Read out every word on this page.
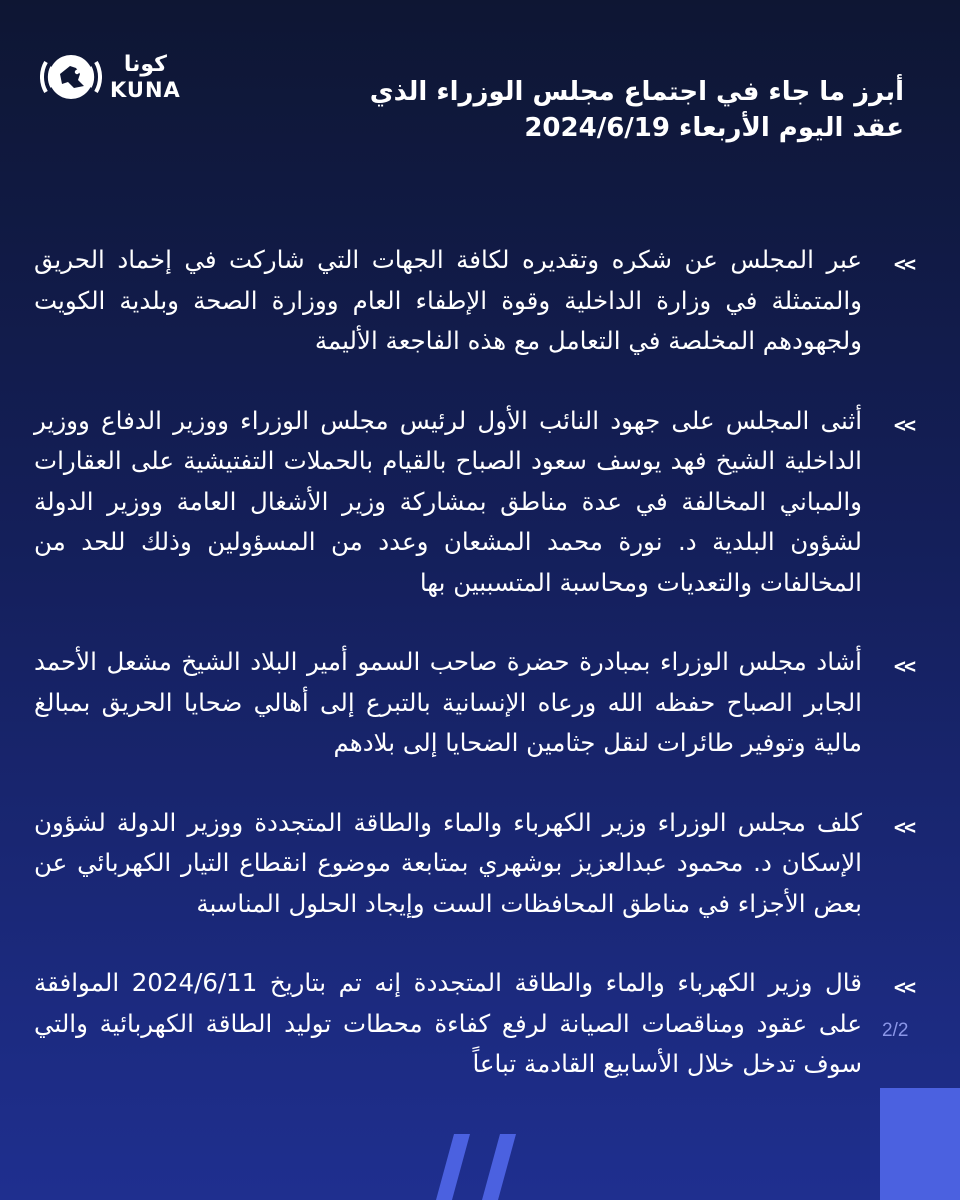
كونا
KUNA	أبرز ما جاء في اجتماع مجلس الوزراء الذي عقد اليوم الأربعاء 2024/6/19
>>
عبر المجلس عن شكره وتقديره لكافة الجهات التي شاركت في إخماد الحريق والمتمثلة في وزارة الداخلية وقوة الإطفاء العام ووزارة الصحة وبلدية الكويت ولجهودهم المخلصة في التعامل مع هذه الفاجعة الأليمة
>>
أثنى المجلس على جهود النائب الأول لرئيس مجلس الوزراء ووزير الدفاع ووزير الداخلية الشيخ فهد يوسف سعود الصباح بالقيام بالحملات التفتيشية على العقارات والمباني المخالفة في عدة مناطق بمشاركة وزير الأشغال العامة ووزير الدولة لشؤون البلدية د. نورة محمد المشعان وعدد من المسؤولين وذلك للحد من المخالفات والتعديات ومحاسبة المتسببين بها
>>
أشاد مجلس الوزراء بمبادرة حضرة صاحب السمو أمير البلاد الشيخ مشعل الأحمد الجابر الصباح حفظه الله ورعاه الإنسانية بالتبرع إلى أهالي ضحايا الحريق بمبالغ مالية وتوفير طائرات لنقل جثامين الضحايا إلى بلادهم
>>
كلف مجلس الوزراء وزير الكهرباء والماء والطاقة المتجددة ووزير الدولة لشؤون الإسكان د. محمود عبدالعزيز بوشهري بمتابعة موضوع انقطاع التيار الكهربائي عن بعض الأجزاء في مناطق المحافظات الست وإيجاد الحلول المناسبة
>>
قال وزير الكهرباء والماء والطاقة المتجددة إنه تم بتاريخ 2024/6/11 الموافقة على عقود ومناقصات الصيانة لرفع كفاءة محطات توليد الطاقة الكهربائية والتي سوف تدخل خلال الأسابيع القادمة تباعاً
2/2
